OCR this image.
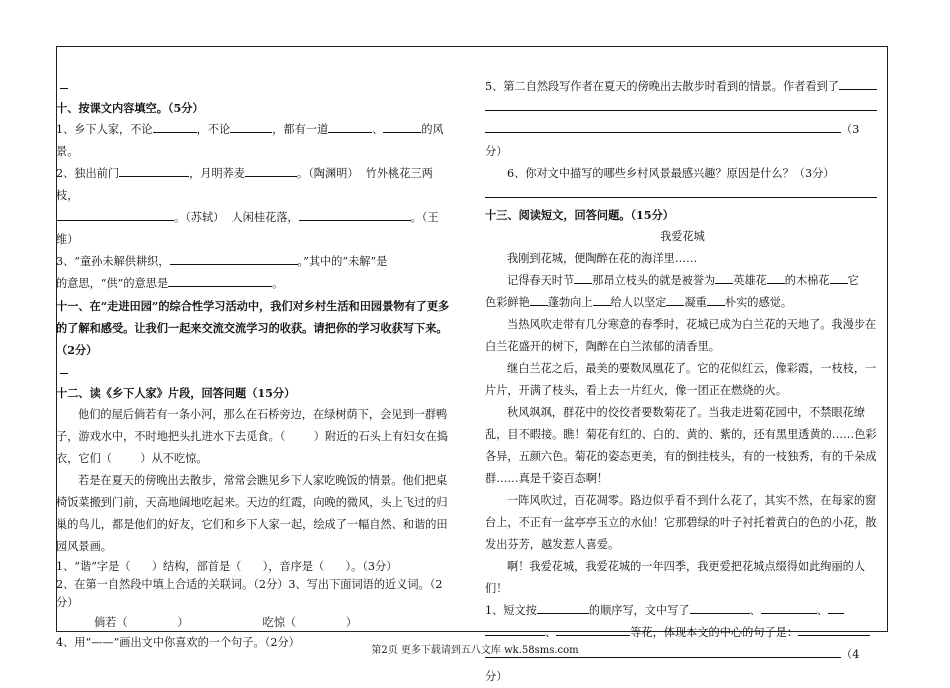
十、按课文内容填空。（5分）
1、乡下人家，不论	，不论	，都有一道	、	的风
景。
2、独出前门	，月明荞麦	。（陶渊明）  竹外桃花三两枝，
。（苏轼）  人闲桂花落，	。（王
维）
3、“童孙未解供耕织，	。”其中的“未解”是
的意思，“供”的意思是	。
十一、在“走进田园”的综合性学习活动中，我们对乡村生活和田园景物有了更多的了解和感受。让我们一起来交流交流学习的收获。请把你的学习收获写下来。（2分）
十二、读《乡下人家》片段，回答问题（15分）
他们的屋后倘若有一条小河，那么在石桥旁边，在绿树荫下，会见到一群鸭子，游戏水中，不时地把头扎进水下去觅食。（        ）附近的石头上有妇女在捣衣，它们（        ）从不吃惊。
若是在夏天的傍晚出去散步，常常会瞧见乡下人家吃晚饭的情景。他们把桌椅饭菜搬到门前，天高地阔地吃起来。天边的红霞，向晚的微风，头上飞过的归巢的鸟儿，都是他们的好友，它们和乡下人家一起，绘成了一幅自然、和谐的田园风景画。
1、“谐”字是（      ）结构，部首是（      ），音序是（      ）。（3分）
2、在第一自然段中填上合适的关联词。（2分）3、写出下面词语的近义词。（2分）
倘若（              ）	吃惊（              ）
4、用“——”画出文中你喜欢的一个句子。（2分）
5、第二自然段写作者在夏天的傍晚出去散步时看到的情景。作者看到了
（3
分）
6、你对文中描写的哪些乡村风景最感兴趣？原因是什么？（3分）
十三、阅读短文，回答问题。（15分）
我爱花城
我刚到花城，便陶醉在花的海洋里……
记得春天时节 那昂立枝头的就是被誉为 英雄花 的木棉花 它
色彩鲜艳 蓬勃向上 给人以坚定 凝重 朴实的感觉。
当热风吹走带有几分寒意的春季时，花城已成为白兰花的天地了。我漫步在白兰花盛开的树下，陶醉在白兰浓郁的清香里。
继白兰花之后，最美的要数凤凰花了。它的花似红云，像彩霞，一枝枝，一片片，开满了枝头，看上去一片红火，像一团正在燃烧的火。
秋风飒飒，群花中的佼佼者要数菊花了。当我走进菊花园中，不禁眼花缭乱，目不暇接。瞧！菊花有红的、白的、黄的、紫的，还有黑里透黄的……色彩各异，五颜六色。菊花的姿态更美，有的倒挂枝头，有的一枝独秀，有的千朵成群……真是千姿百态啊！
一阵风吹过，百花凋零。路边似乎看不到什么花了，其实不然，在每家的窗台上，不正有一盆亭亭玉立的水仙！它那碧绿的叶子衬托着黄白的色的小花，散发出芬芳，越发惹人喜爱。
啊！我爱花城，我爱花城的一年四季，我更爱把花城点缀得如此绚丽的人们！
1、短文按	的顺序写，文中写了	、	、
、	等花，体现本文的中心的句子是：
（4
分）
第2页 更多下载请到五八文库 wk.58sms.com
